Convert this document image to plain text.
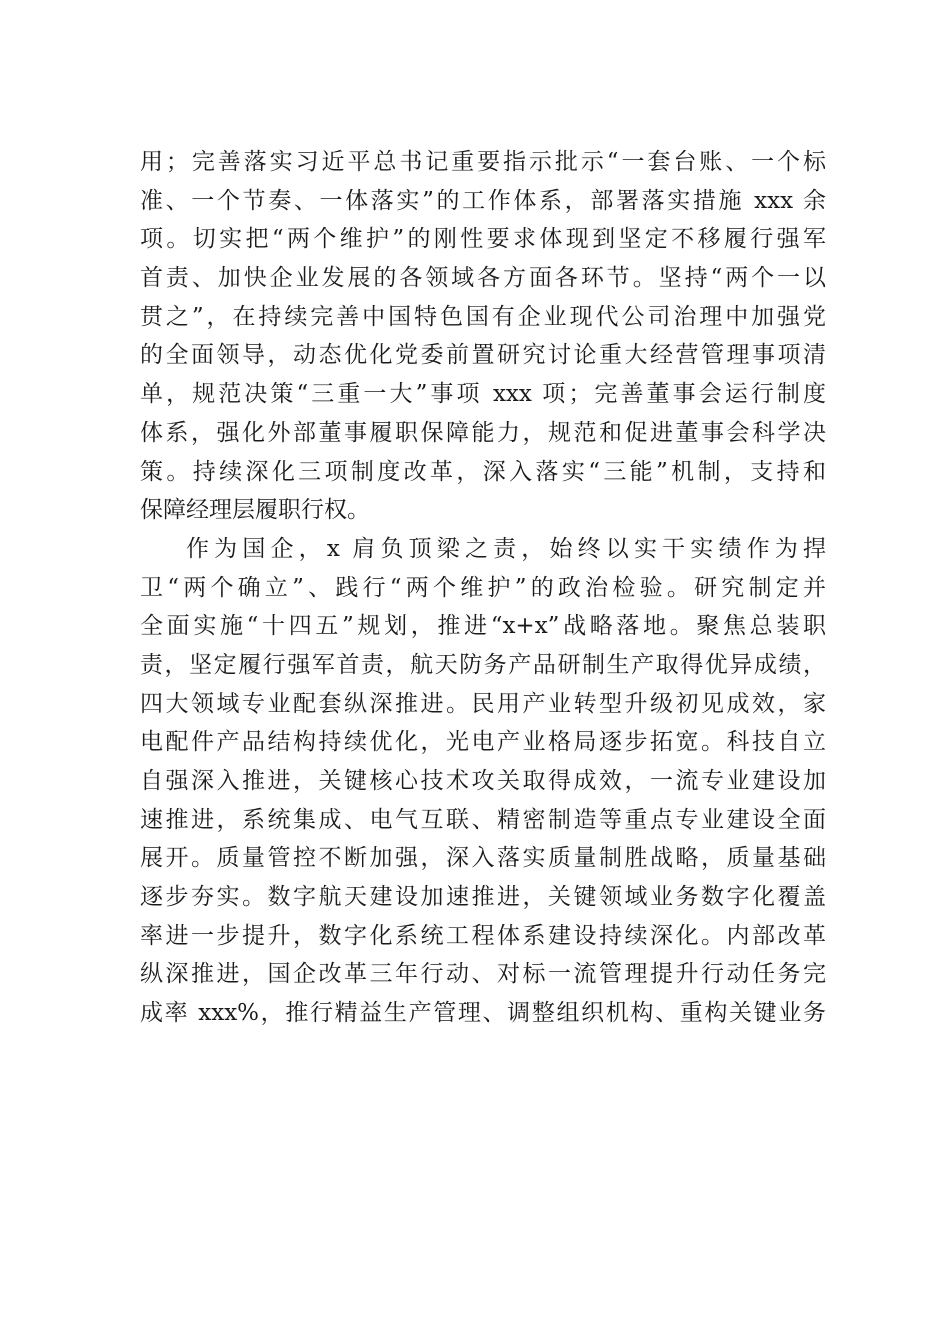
用；完善落实习近平总书记重要指示批示“一套台账、一个标
准、一个节奏、一体落实”的工作体系，部署落实措施 xxx 余
项。切实把“两个维护”的刚性要求体现到坚定不移履行强军
首责、加快企业发展的各领域各方面各环节。坚持“两个一以
贯之”，在持续完善中国特色国有企业现代公司治理中加强党
的全面领导，动态优化党委前置研究讨论重大经营管理事项清
单，规范决策“三重一大”事项 xxx 项；完善董事会运行制度
体系，强化外部董事履职保障能力，规范和促进董事会科学决
策。持续深化三项制度改革，深入落实“三能”机制，支持和
保障经理层履职行权。
作为国企，x 肩负顶梁之责，始终以实干实绩作为捍
卫“两个确立”、践行“两个维护”的政治检验。研究制定并
全面实施“十四五”规划，推进“x+x”战略落地。聚焦总装职
责，坚定履行强军首责，航天防务产品研制生产取得优异成绩，
四大领域专业配套纵深推进。民用产业转型升级初见成效，家
电配件产品结构持续优化，光电产业格局逐步拓宽。科技自立
自强深入推进，关键核心技术攻关取得成效，一流专业建设加
速推进，系统集成、电气互联、精密制造等重点专业建设全面
展开。质量管控不断加强，深入落实质量制胜战略，质量基础
逐步夯实。数字航天建设加速推进，关键领域业务数字化覆盖
率进一步提升，数字化系统工程体系建设持续深化。内部改革
纵深推进，国企改革三年行动、对标一流管理提升行动任务完
成率 xxx%，推行精益生产管理、调整组织机构、重构关键业务
